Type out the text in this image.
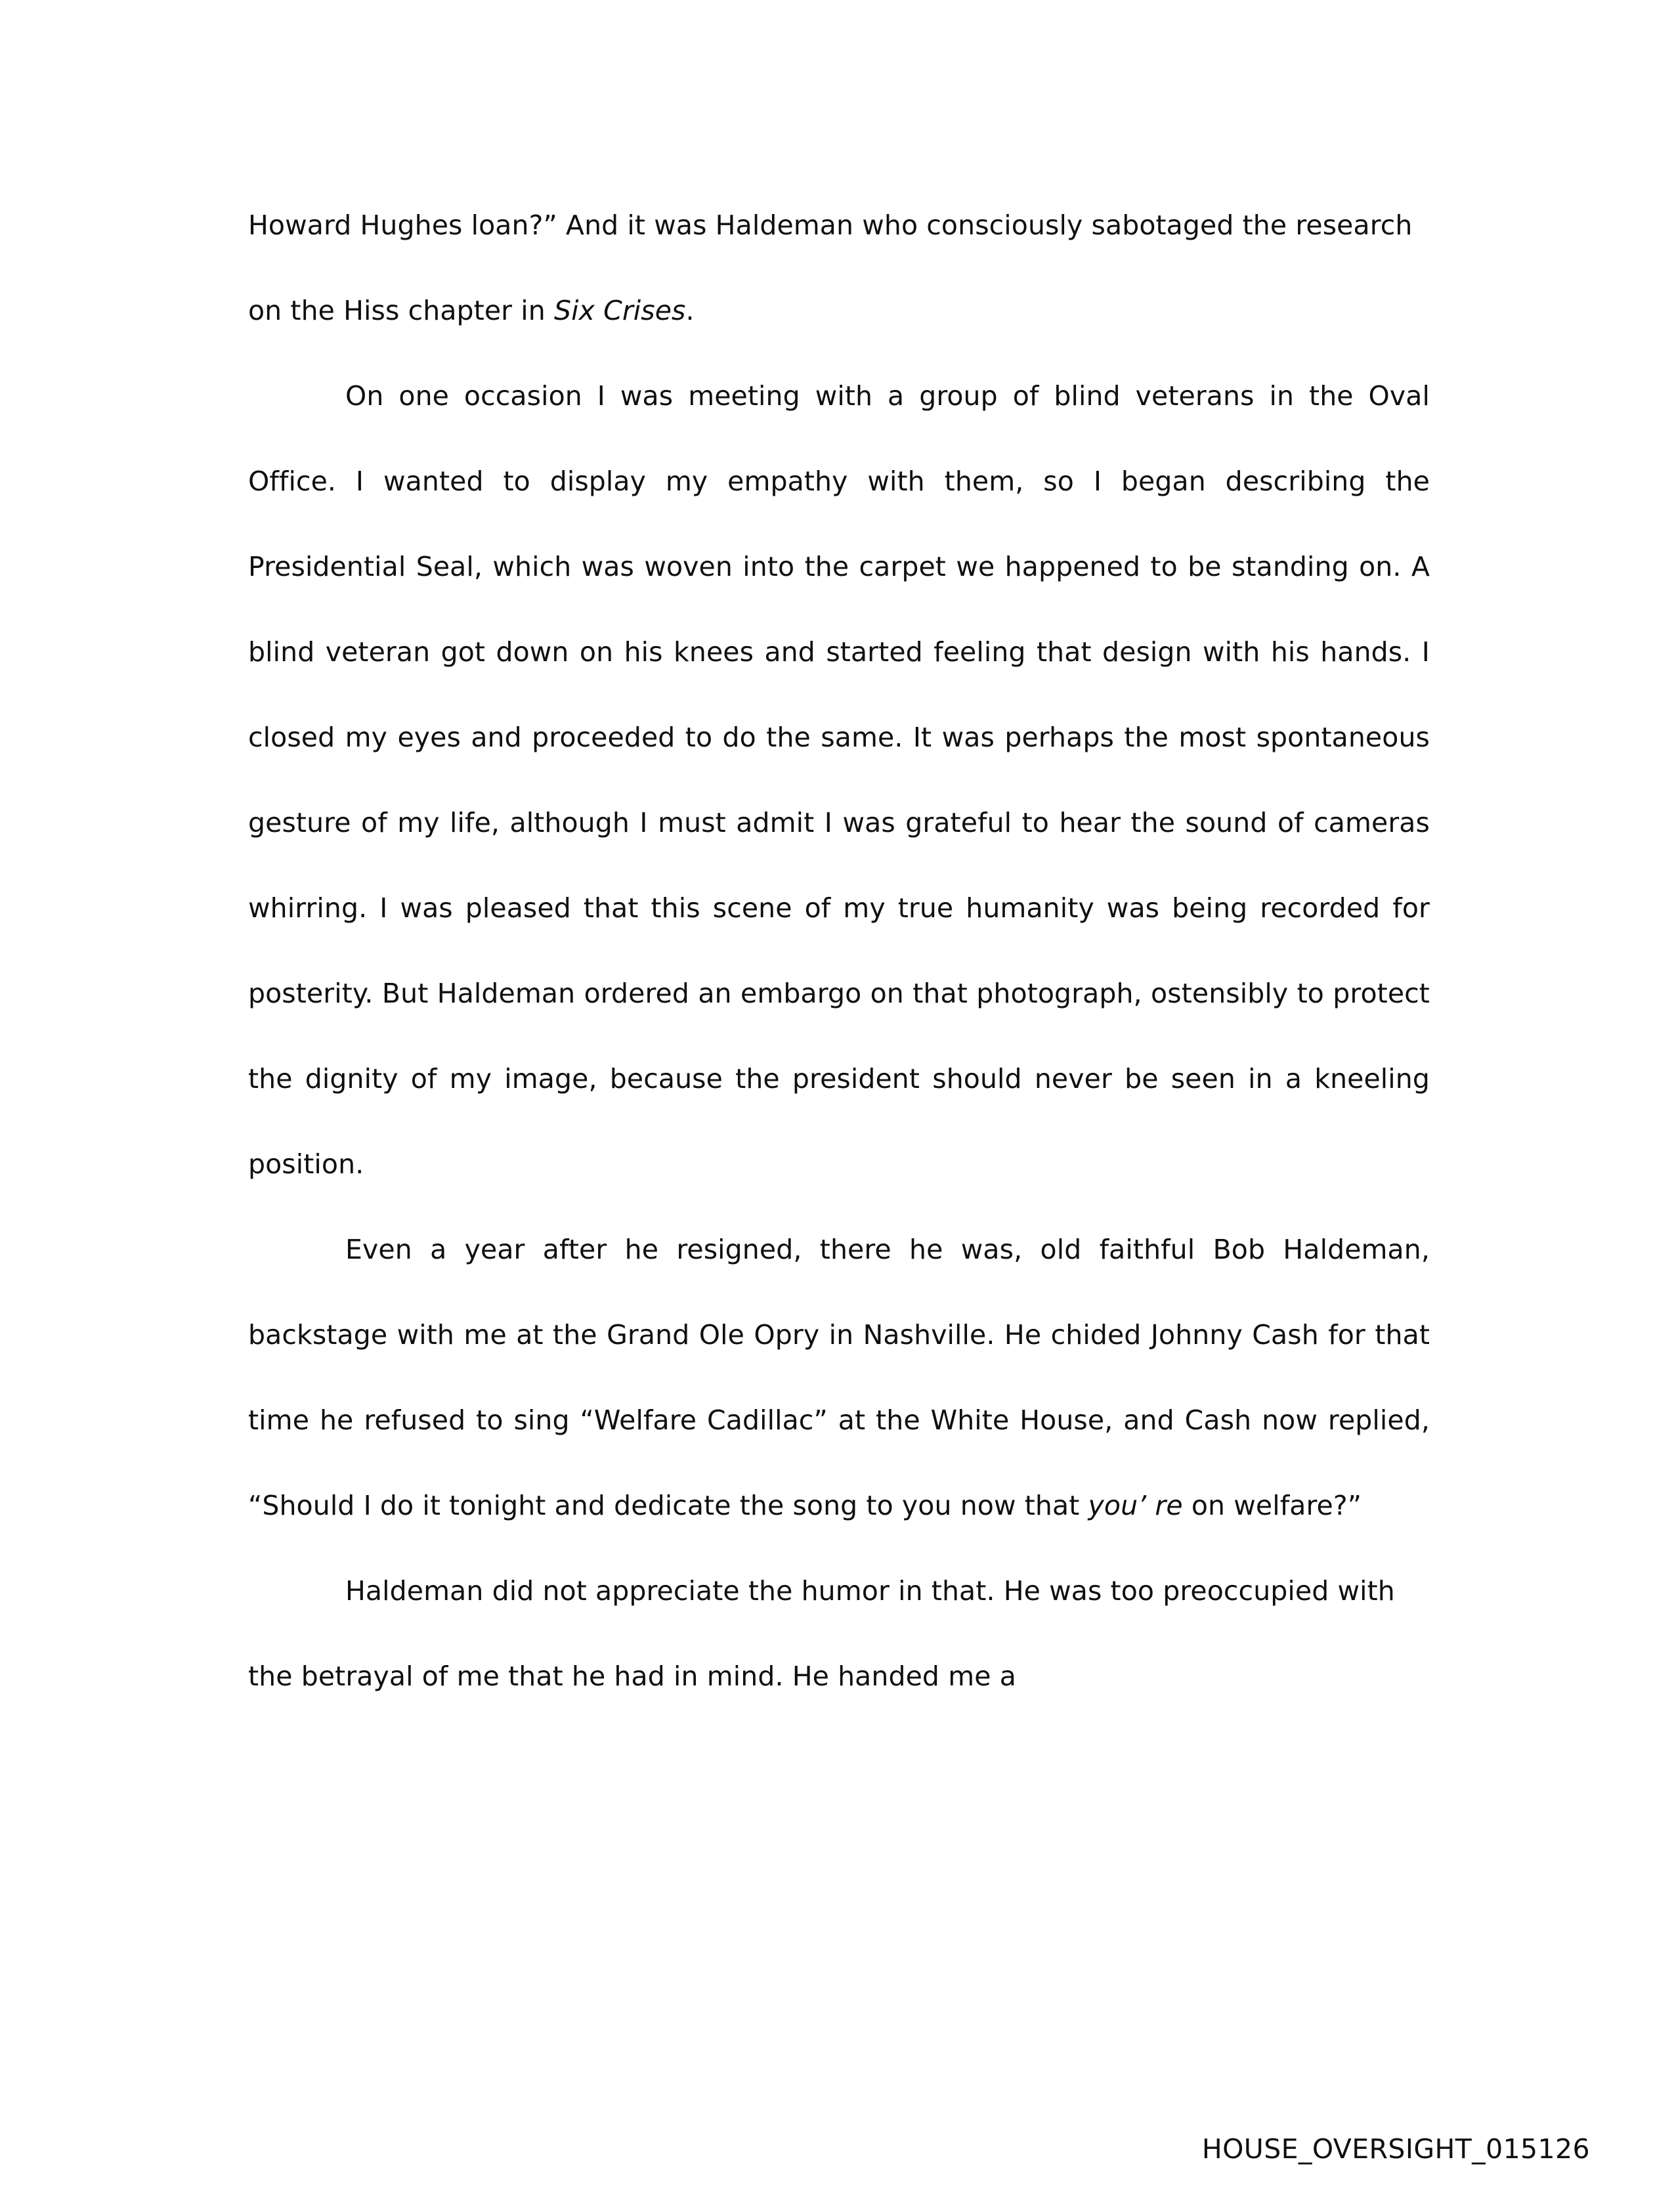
Howard Hughes loan?” And it was Haldeman who consciously sabotaged the research on the Hiss chapter in Six Crises.

On one occasion I was meeting with a group of blind veterans in the Oval Office. I wanted to display my empathy with them, so I began describing the Presidential Seal, which was woven into the carpet we happened to be standing on. A blind veteran got down on his knees and started feeling that design with his hands. I closed my eyes and proceeded to do the same. It was perhaps the most spontaneous gesture of my life, although I must admit I was grateful to hear the sound of cameras whirring. I was pleased that this scene of my true humanity was being recorded for posterity. But Haldeman ordered an embargo on that photograph, ostensibly to protect the dignity of my image, because the president should never be seen in a kneeling position.

Even a year after he resigned, there he was, old faithful Bob Haldeman, backstage with me at the Grand Ole Opry in Nashville. He chided Johnny Cash for that time he refused to sing “Welfare Cadillac” at the White House, and Cash now replied, “Should I do it tonight and dedicate the song to you now that you’ re on welfare?”

Haldeman did not appreciate the humor in that. He was too preoccupied with the betrayal of me that he had in mind. He handed me a

HOUSE_OVERSIGHT_015126
